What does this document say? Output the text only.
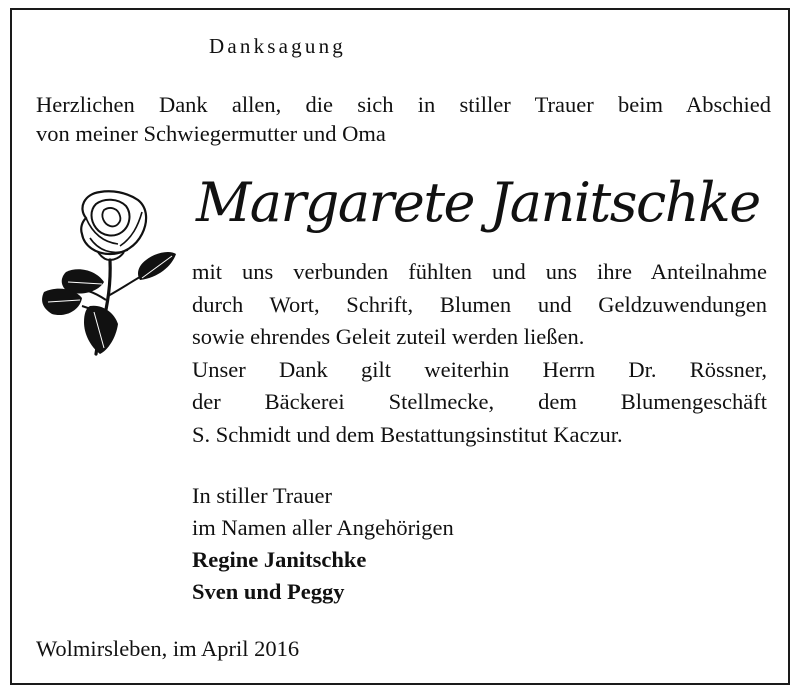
Danksagung
Herzlichen Dank allen, die sich in stiller Trauer beim Abschied
von meiner Schwiegermutter und Oma
Margarete Janitschke
mit uns verbunden fühlten und uns ihre Anteilnahme
durch Wort, Schrift, Blumen und Geldzuwendungen
sowie ehrendes Geleit zuteil werden ließen.
Unser Dank gilt weiterhin Herrn Dr. Rössner,
der Bäckerei Stellmecke, dem Blumengeschäft
S. Schmidt und dem Bestattungsinstitut Kaczur.
In stiller Trauer
im Namen aller Angehörigen
Regine Janitschke
Sven und Peggy
Wolmirsleben, im April 2016
